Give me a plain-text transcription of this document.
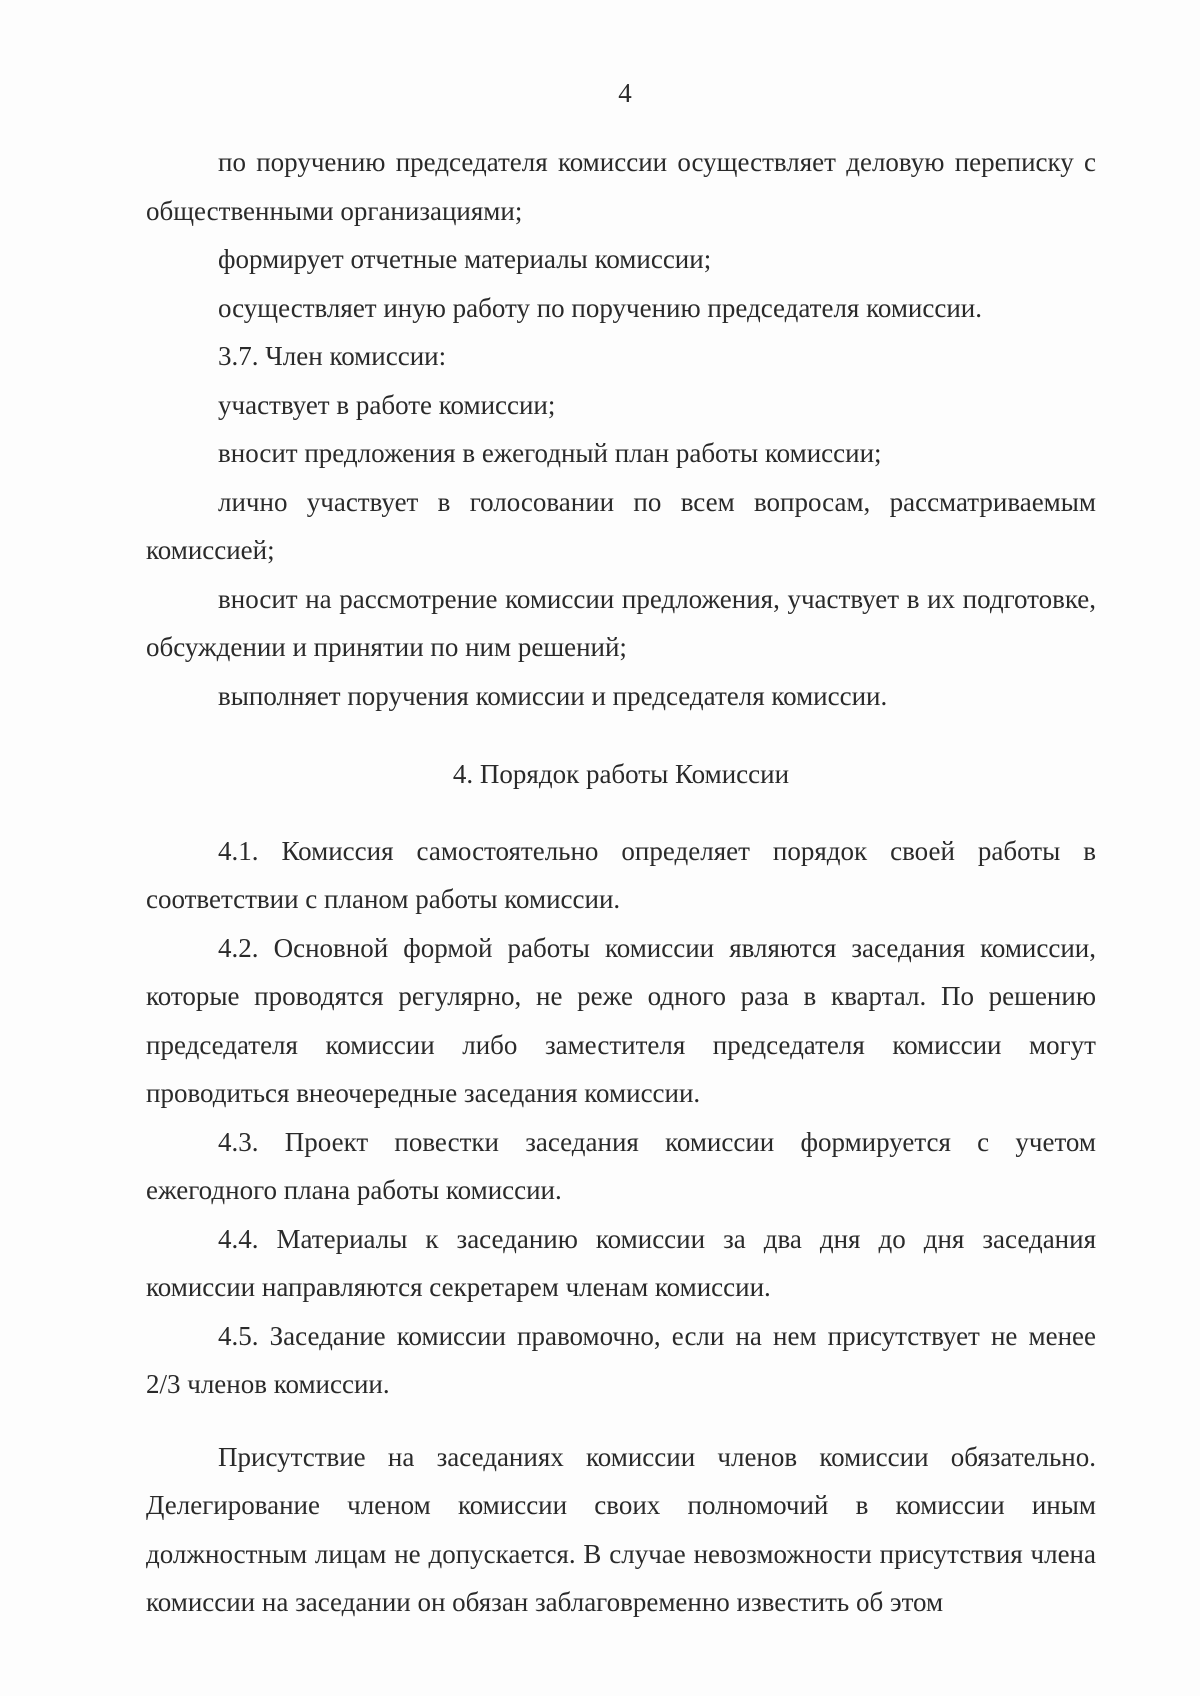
4

по поручению председателя комиссии осуществляет деловую переписку с общественными организациями;

формирует отчетные материалы комиссии;

осуществляет иную работу по поручению председателя комиссии.

3.7. Член комиссии:

участвует в работе комиссии;

вносит предложения в ежегодный план работы комиссии;

лично участвует в голосовании по всем вопросам, рассматриваемым комиссией;

вносит на рассмотрение комиссии предложения, участвует в их подготовке, обсуждении и принятии по ним решений;

выполняет поручения комиссии и председателя комиссии.

4. Порядок работы Комиссии

4.1. Комиссия самостоятельно определяет порядок своей работы в соответствии с планом работы комиссии.

4.2. Основной формой работы комиссии являются заседания комиссии, которые проводятся регулярно, не реже одного раза в квартал. По решению председателя комиссии либо заместителя председателя комиссии могут проводиться внеочередные заседания комиссии.

4.3. Проект повестки заседания комиссии формируется с учетом ежегодного плана работы комиссии.

4.4. Материалы к заседанию комиссии за два дня до дня заседания комиссии направляются секретарем членам комиссии.

4.5. Заседание комиссии правомочно, если на нем присутствует не менее 2/3 членов комиссии.

Присутствие на заседаниях комиссии членов комиссии обязательно. Делегирование членом комиссии своих полномочий в комиссии иным должностным лицам не допускается. В случае невозможности присутствия члена комиссии на заседании он обязан заблаговременно известить об этом
